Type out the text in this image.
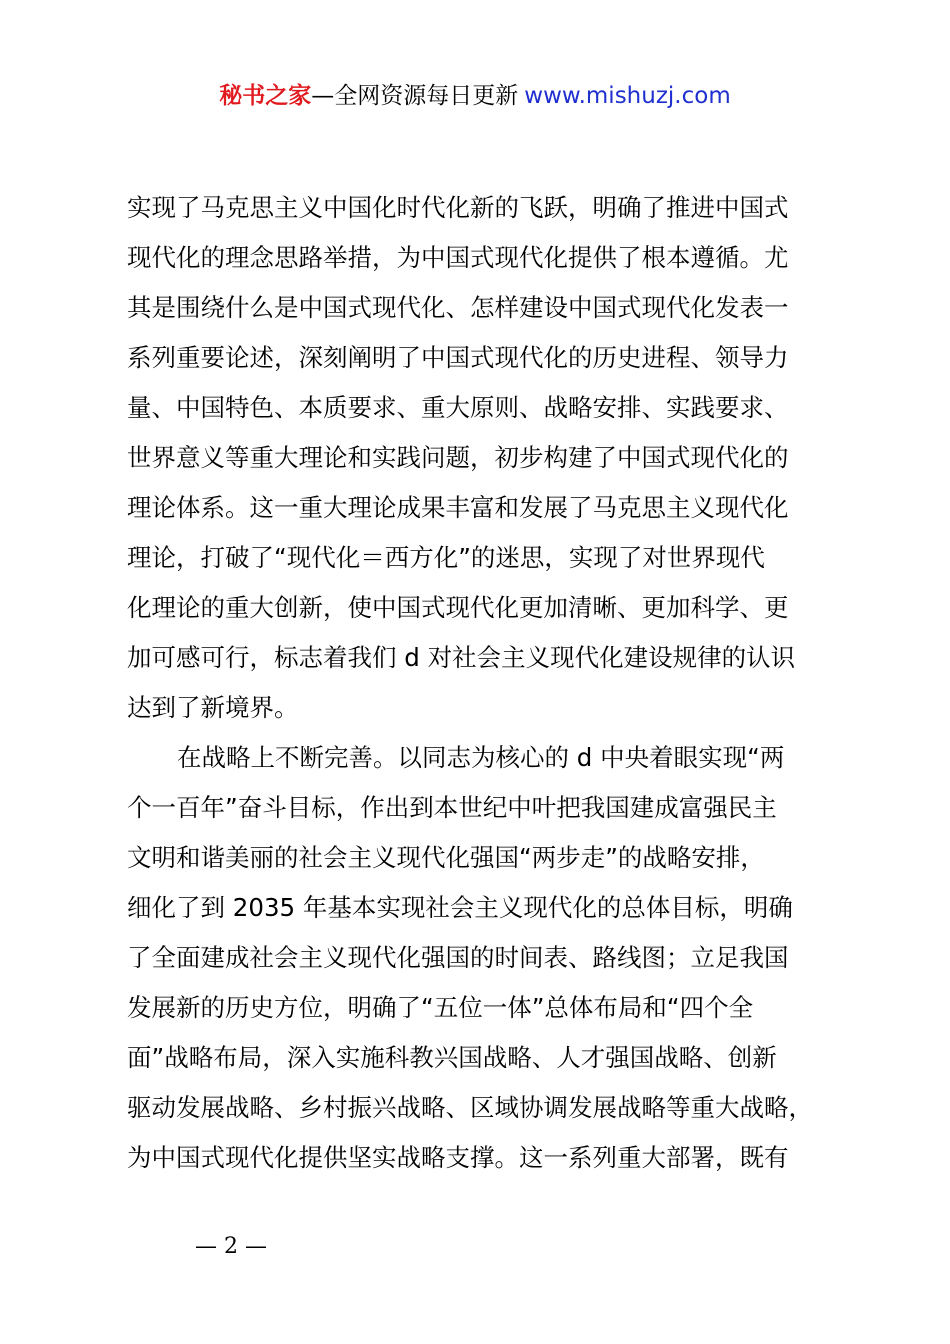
秘书之家—全网资源每日更新 www.mishuzj.com
实现了马克思主义中国化时代化新的飞跃，明确了推进中国式
现代化的理念思路举措，为中国式现代化提供了根本遵循。尤
其是围绕什么是中国式现代化、怎样建设中国式现代化发表一
系列重要论述，深刻阐明了中国式现代化的历史进程、领导力
量、中国特色、本质要求、重大原则、战略安排、实践要求、
世界意义等重大理论和实践问题，初步构建了中国式现代化的
理论体系。这一重大理论成果丰富和发展了马克思主义现代化
理论，打破了“现代化＝西方化”的迷思，实现了对世界现代
化理论的重大创新，使中国式现代化更加清晰、更加科学、更
加可感可行，标志着我们 d 对社会主义现代化建设规律的认识
达到了新境界。
在战略上不断完善。以同志为核心的 d 中央着眼实现“两
个一百年”奋斗目标，作出到本世纪中叶把我国建成富强民主
文明和谐美丽的社会主义现代化强国“两步走”的战略安排，
细化了到 2035 年基本实现社会主义现代化的总体目标，明确
了全面建成社会主义现代化强国的时间表、路线图；立足我国
发展新的历史方位，明确了“五位一体”总体布局和“四个全
面”战略布局，深入实施科教兴国战略、人才强国战略、创新
驱动发展战略、乡村振兴战略、区域协调发展战略等重大战略，
为中国式现代化提供坚实战略支撑。这一系列重大部署，既有
— 2 —
